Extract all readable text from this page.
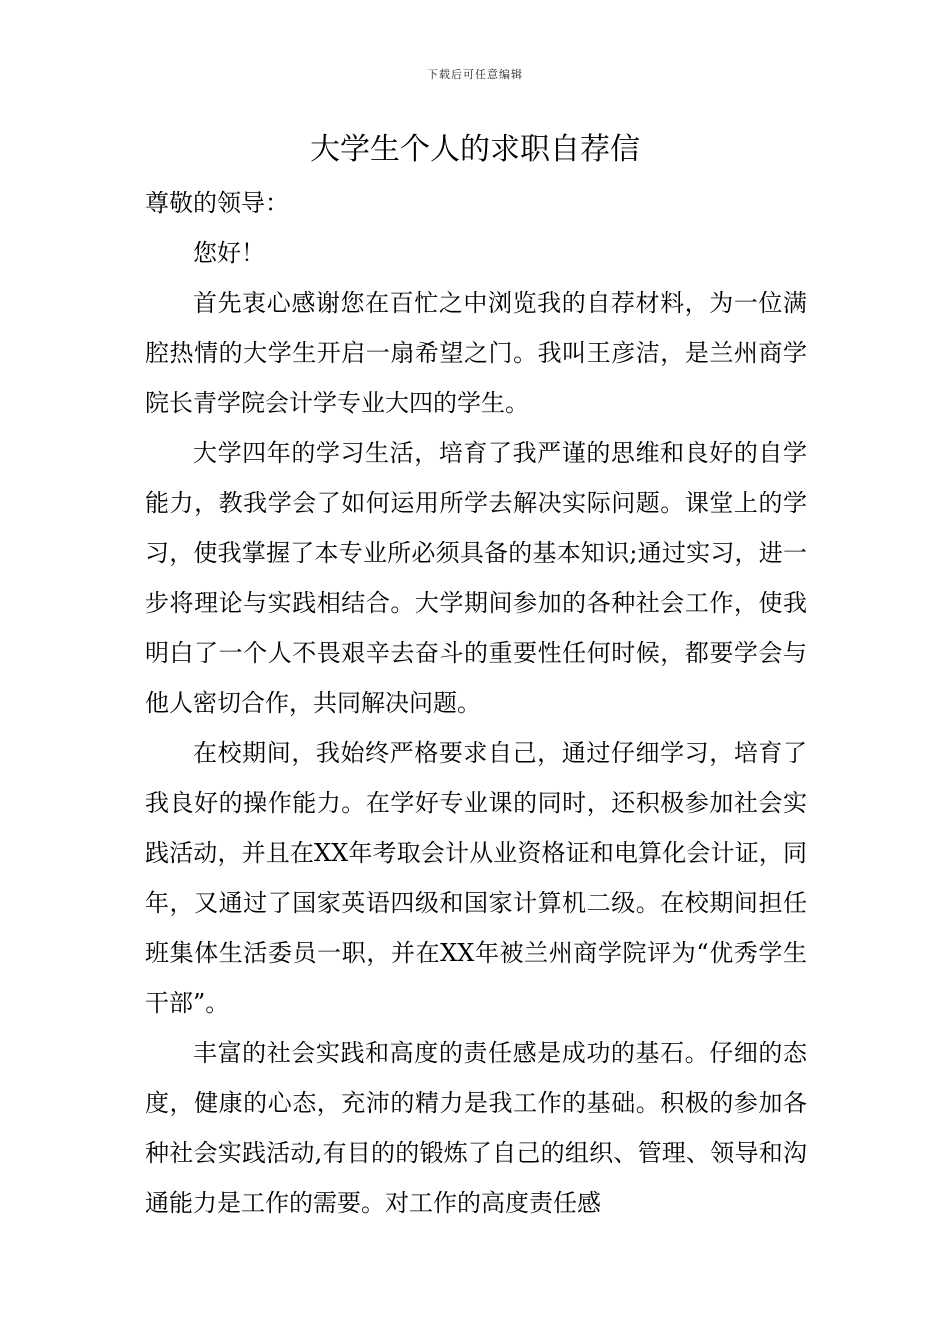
下载后可任意编辑
大学生个人的求职自荐信

尊敬的领导：

您好！

首先衷心感谢您在百忙之中浏览我的自荐材料，为一位满腔热情的大学生开启一扇希望之门。我叫王彦洁，是兰州商学院长青学院会计学专业大四的学生。

大学四年的学习生活，培育了我严谨的思维和良好的自学能力，教我学会了如何运用所学去解决实际问题。课堂上的学习，使我掌握了本专业所必须具备的基本知识;通过实习，进一步将理论与实践相结合。大学期间参加的各种社会工作，使我明白了一个人不畏艰辛去奋斗的重要性任何时候，都要学会与他人密切合作，共同解决问题。

在校期间，我始终严格要求自己，通过仔细学习，培育了我良好的操作能力。在学好专业课的同时，还积极参加社会实践活动，并且在XX年考取会计从业资格证和电算化会计证，同年，又通过了国家英语四级和国家计算机二级。在校期间担任班集体生活委员一职，并在XX年被兰州商学院评为“优秀学生干部”。

丰富的社会实践和高度的责任感是成功的基石。仔细的态度，健康的心态，充沛的精力是我工作的基础。积极的参加各种社会实践活动,有目的的锻炼了自己的组织、管理、领导和沟通能力是工作的需要。对工作的高度责任感
